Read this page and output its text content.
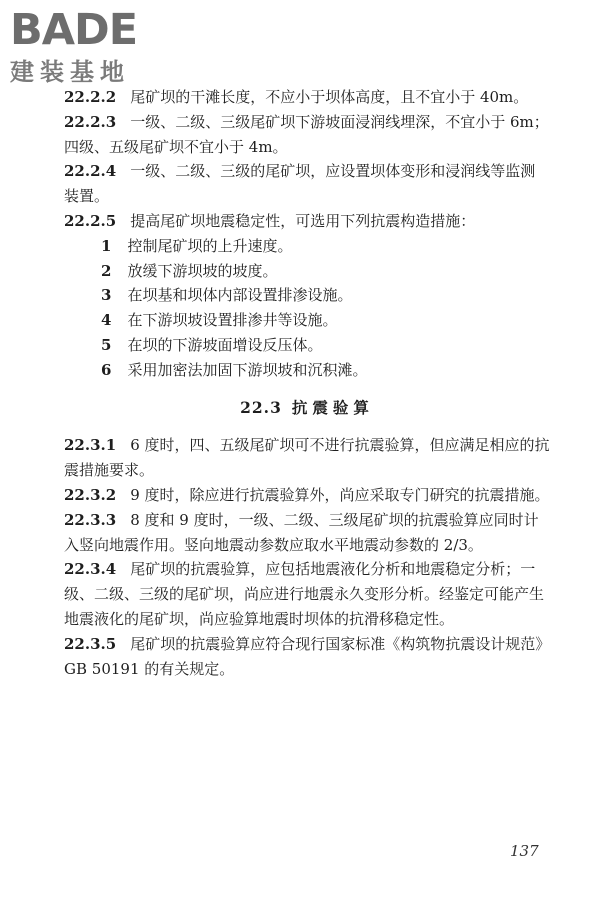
BADE
建装基地

22.2.2 尾矿坝的干滩长度，不应小于坝体高度，且不宜小于 40m。

22.2.3 一级、二级、三级尾矿坝下游坡面浸润线埋深，不宜小于 6m；四级、五级尾矿坝不宜小于 4m。

22.2.4 一级、二级、三级的尾矿坝，应设置坝体变形和浸润线等监测装置。

22.2.5 提高尾矿坝地震稳定性，可选用下列抗震构造措施：

1 控制尾矿坝的上升速度。

2 放缓下游坝坡的坡度。

3 在坝基和坝体内部设置排渗设施。

4 在下游坝坡设置排渗井等设施。

5 在坝的下游坡面增设反压体。

6 采用加密法加固下游坝坡和沉积滩。

22.3 抗震验算

22.3.1 6 度时，四、五级尾矿坝可不进行抗震验算，但应满足相应的抗震措施要求。

22.3.2 9 度时，除应进行抗震验算外，尚应采取专门研究的抗震措施。

22.3.3 8 度和 9 度时，一级、二级、三级尾矿坝的抗震验算应同时计入竖向地震作用。竖向地震动参数应取水平地震动参数的 2/3。

22.3.4 尾矿坝的抗震验算，应包括地震液化分析和地震稳定分析；一级、二级、三级的尾矿坝，尚应进行地震永久变形分析。经鉴定可能产生地震液化的尾矿坝，尚应验算地震时坝体的抗滑移稳定性。

22.3.5 尾矿坝的抗震验算应符合现行国家标准《构筑物抗震设计规范》GB 50191 的有关规定。

137
